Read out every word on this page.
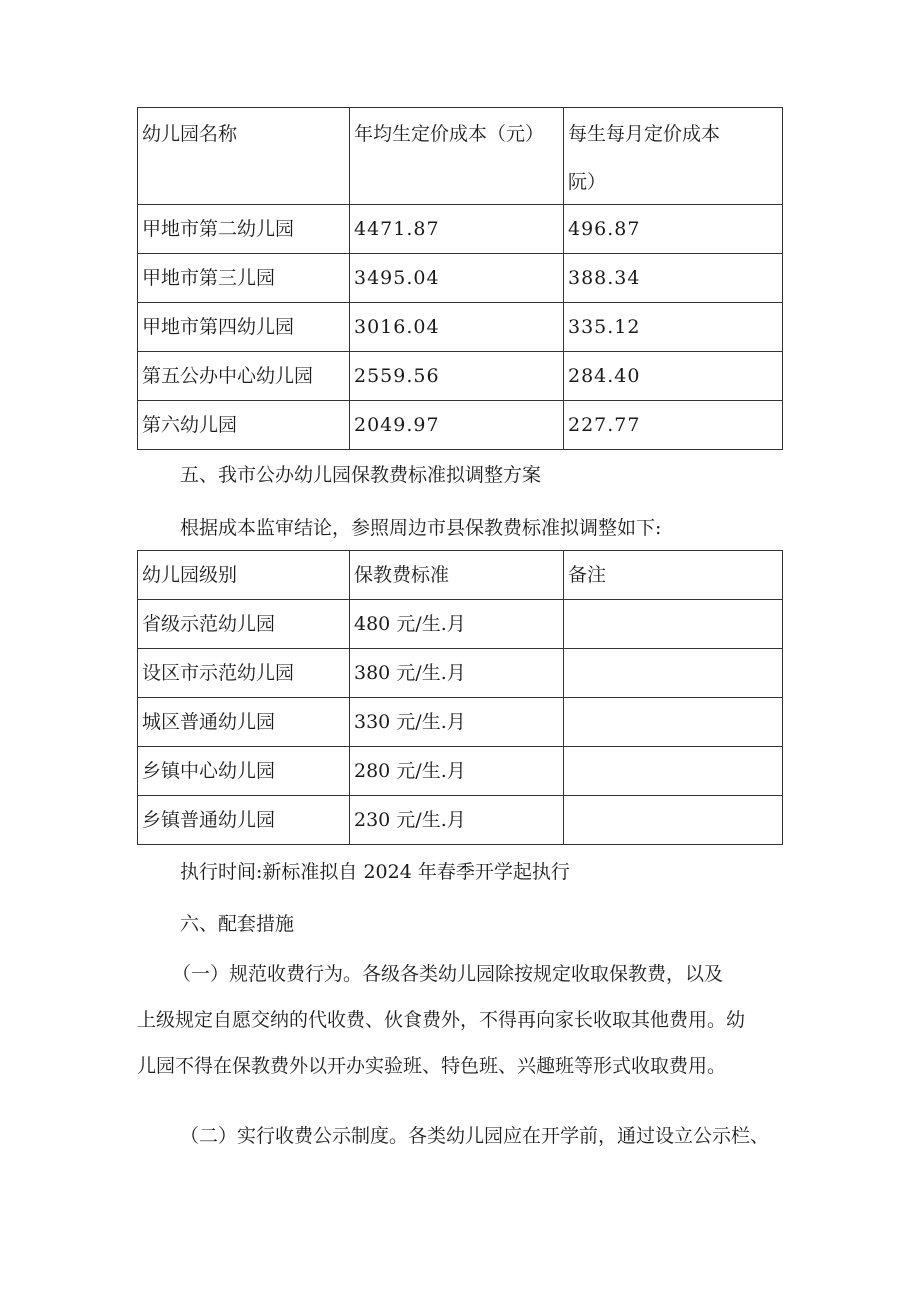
幼儿园名称	年均生定价成本（元）	每生每月定价成本
阮）

甲地市第二幼儿园	4471.87	496.87
甲地市第三儿园	3495.04	388.34
甲地市第四幼儿园	3016.04	335.12
第五公办中心幼儿园	2559.56	284.40
第六幼儿园	2049.97	227.77

五、我市公办幼儿园保教费标准拟调整方案

根据成本监审结论，参照周边市县保教费标准拟调整如下:

幼儿园级别	保教费标准	备注
省级示范幼儿园	480 元/生.月	
设区市示范幼儿园	380 元/生.月	
城区普通幼儿园	330 元/生.月	
乡镇中心幼儿园	280 元/生.月	
乡镇普通幼儿园	230 元/生.月	

执行时间:新标准拟自 2024 年春季开学起执行

六、配套措施

（一）规范收费行为。各级各类幼儿园除按规定收取保教费，以及

上级规定自愿交纳的代收费、伙食费外，不得再向家长收取其他费用。幼

儿园不得在保教费外以开办实验班、特色班、兴趣班等形式收取费用。

（二）实行收费公示制度。各类幼儿园应在开学前，通过设立公示栏、
